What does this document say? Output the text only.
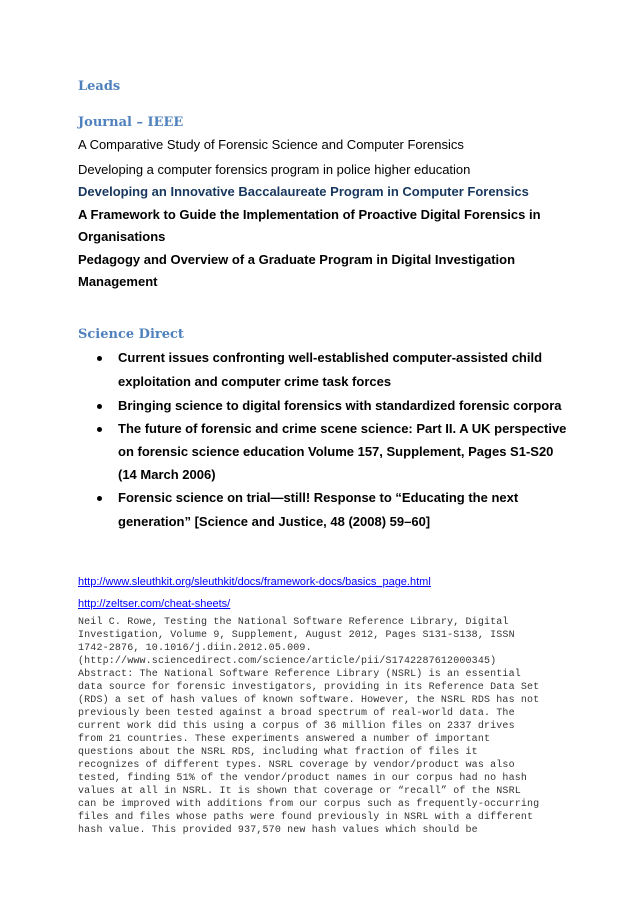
Leads
Journal – IEEE

A Comparative Study of Forensic Science and Computer Forensics

Developing a computer forensics program in police higher education

Developing an Innovative Baccalaureate Program in Computer Forensics

A Framework to Guide the Implementation of Proactive Digital Forensics in

Organisations

Pedagogy and Overview of a Graduate Program in Digital Investigation

Management

Science Direct

Current issues confronting well-established computer-assisted child

exploitation and computer crime task forces

Bringing science to digital forensics with standardized forensic corpora

The future of forensic and crime scene science: Part II. A UK perspective

on forensic science education Volume 157, Supplement, Pages S1-S20

(14 March 2006)

Forensic science on trial—still! Response to “Educating the next

generation” [Science and Justice, 48 (2008) 59–60]

http://www.sleuthkit.org/sleuthkit/docs/framework-docs/basics_page.html
http://zeltser.com/cheat-sheets/

Neil C. Rowe, Testing the National Software Reference Library, Digital

Investigation, Volume 9, Supplement, August 2012, Pages S131-S138, ISSN

1742-2876, 10.1016/j.diin.2012.05.009.

(http://www.sciencedirect.com/science/article/pii/S1742287612000345)

Abstract: The National Software Reference Library (NSRL) is an essential

data source for forensic investigators, providing in its Reference Data Set

(RDS) a set of hash values of known software. However, the NSRL RDS has not

previously been tested against a broad spectrum of real-world data. The

current work did this using a corpus of 36 million files on 2337 drives

from 21 countries. These experiments answered a number of important

questions about the NSRL RDS, including what fraction of files it

recognizes of different types. NSRL coverage by vendor/product was also

tested, finding 51% of the vendor/product names in our corpus had no hash

values at all in NSRL. It is shown that coverage or “recall” of the NSRL

can be improved with additions from our corpus such as frequently-occurring

files and files whose paths were found previously in NSRL with a different

hash value. This provided 937,570 new hash values which should be
